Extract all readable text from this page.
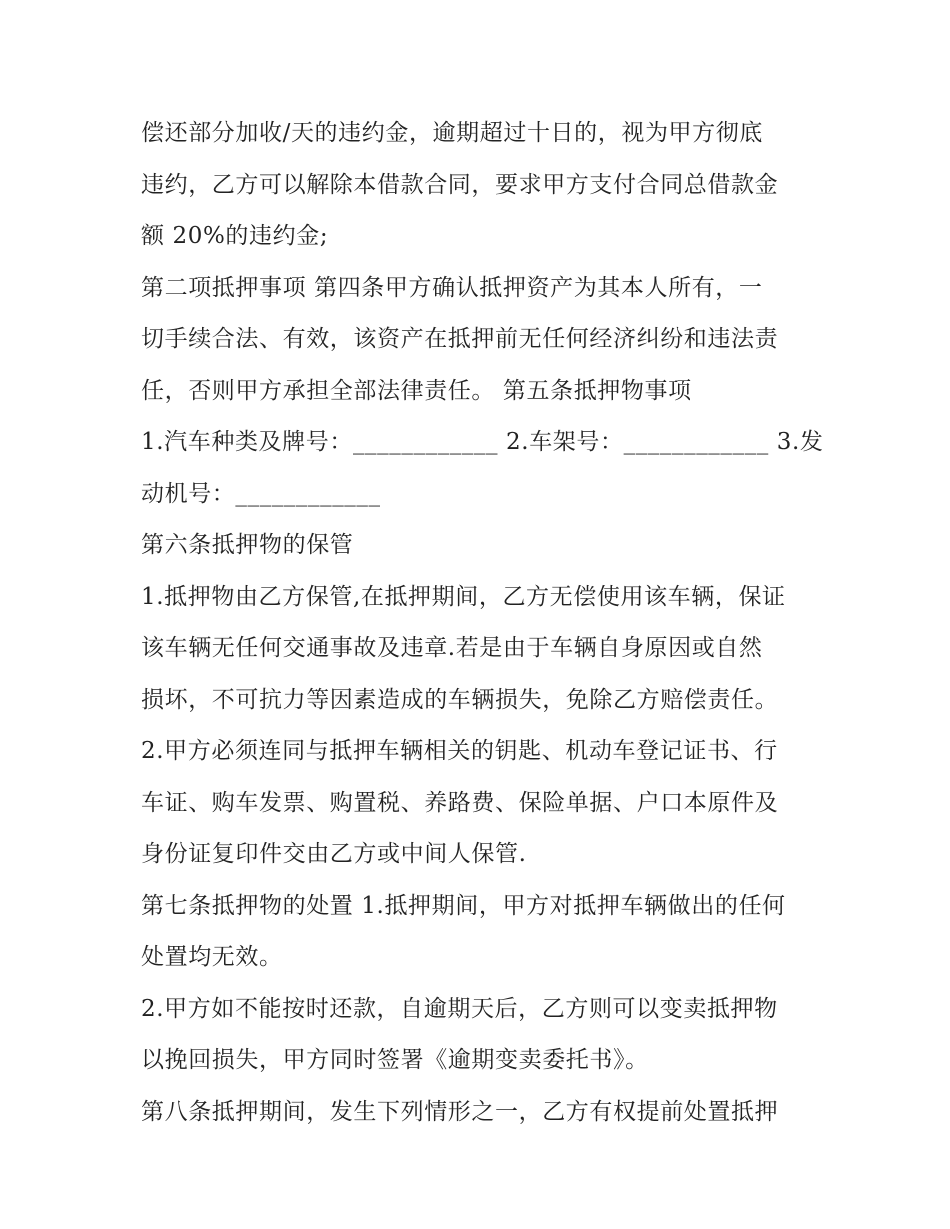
偿还部分加收/天的违约金，逾期超过十日的，视为甲方彻底
违约，乙方可以解除本借款合同，要求甲方支付合同总借款金
额 20%的违约金;
第二项抵押事项 第四条甲方确认抵押资产为其本人所有，一
切手续合法、有效，该资产在抵押前无任何经济纠纷和违法责
任，否则甲方承担全部法律责任。 第五条抵押物事项
1.汽车种类及牌号：____________ 2.车架号：____________ 3.发
动机号：____________
第六条抵押物的保管
1.抵押物由乙方保管,在抵押期间，乙方无偿使用该车辆，保证
该车辆无任何交通事故及违章.若是由于车辆自身原因或自然
损坏，不可抗力等因素造成的车辆损失，免除乙方赔偿责任。
2.甲方必须连同与抵押车辆相关的钥匙、机动车登记证书、行
车证、购车发票、购置税、养路费、保险单据、户口本原件及
身份证复印件交由乙方或中间人保管.
第七条抵押物的处置 1.抵押期间，甲方对抵押车辆做出的任何
处置均无效。
2.甲方如不能按时还款，自逾期天后，乙方则可以变卖抵押物
以挽回损失，甲方同时签署《逾期变卖委托书》。
第八条抵押期间，发生下列情形之一，乙方有权提前处置抵押
